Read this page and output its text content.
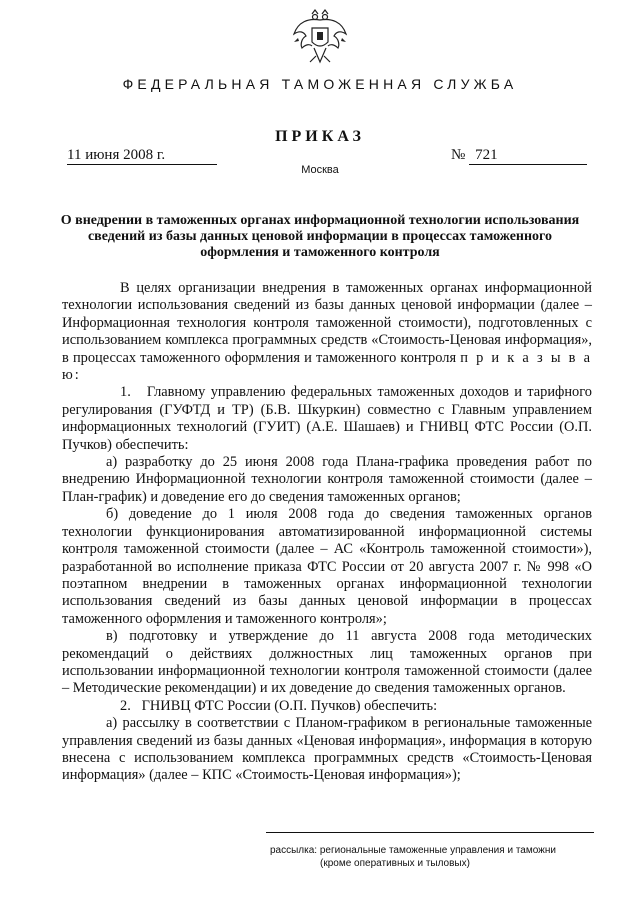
ФЕДЕРАЛЬНАЯ ТАМОЖЕННАЯ СЛУЖБА
ПРИКАЗ
11 июня 2008 г.	№ 721
Москва
О внедрении в таможенных органах информационной технологии использования сведений из базы данных ценовой информации в процессах таможенного оформления и таможенного контроля

В целях организации внедрения в таможенных органах информационной технологии использования сведений из базы данных ценовой информации (далее – Информационная технология контроля таможенной стоимости), подготовленных с использованием комплекса программных средств «Стоимость-Ценовая информация», в процессах таможенного оформления и таможенного контроля п р и к а з ы в а ю:

1.   Главному управлению федеральных таможенных доходов и тарифного регулирования (ГУФТД и ТР) (Б.В. Шкуркин) совместно с Главным управлением информационных технологий (ГУИТ) (А.Е. Шашаев) и ГНИВЦ ФТС России (О.П. Пучков) обеспечить:

а) разработку до 25 июня 2008 года Плана-графика проведения работ по внедрению Информационной технологии контроля таможенной стоимости (далее – План-график) и доведение его до сведения таможенных органов;

б) доведение до 1 июля 2008 года до сведения таможенных органов технологии функционирования автоматизированной информационной системы контроля таможенной стоимости (далее – АС «Контроль таможенной стоимости»), разработанной во исполнение приказа ФТС России от 20 августа 2007 г. № 998 «О поэтапном внедрении в таможенных органах информационной технологии использования сведений из базы данных ценовой информации в процессах таможенного оформления и таможенного контроля»;

в) подготовку и утверждение до 11 августа 2008 года методических рекомендаций о действиях должностных лиц таможенных органов при использовании информационной технологии контроля таможенной стоимости (далее – Методические рекомендации) и их доведение до сведения таможенных органов.

2.   ГНИВЦ ФТС России (О.П. Пучков) обеспечить:

а) рассылку в соответствии с Планом-графиком в региональные таможенные управления сведений из базы данных «Ценовая информация», информация в которую внесена с использованием комплекса программных средств «Стоимость-Ценовая информация» (далее – КПС «Стоимость-Ценовая информация»);

рассылка: региональные таможенные управления и таможни
(кроме оперативных и тыловых)
